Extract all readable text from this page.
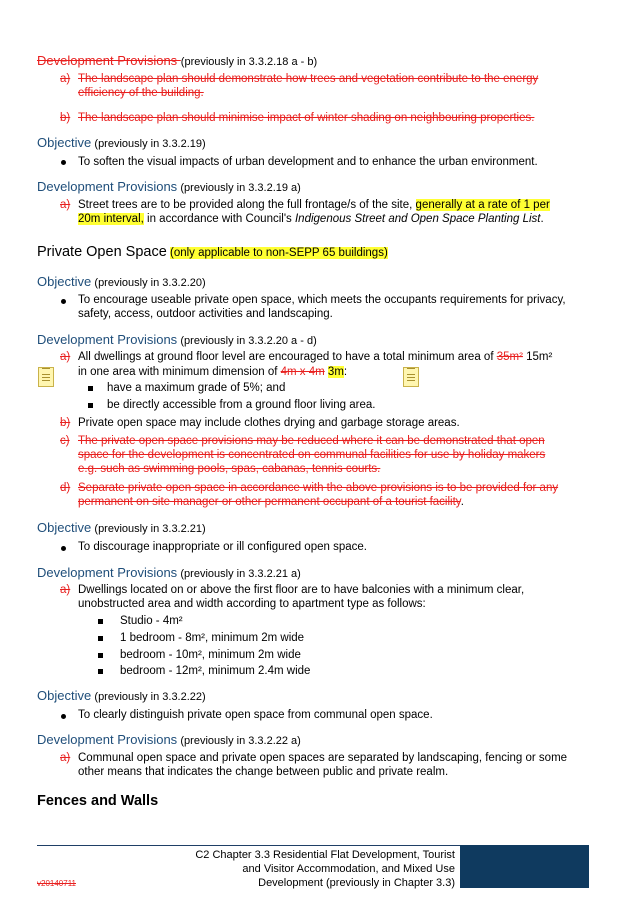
Development Provisions (previously in 3.3.2.18 a - b)
a) The landscape plan should demonstrate how trees and vegetation contribute to the energy
efficiency of the building.
b) The landscape plan should minimise impact of winter shading on neighbouring properties.
Objective (previously in 3.3.2.19)
To soften the visual impacts of urban development and to enhance the urban environment.
Development Provisions (previously in 3.3.2.19 a)
a) Street trees are to be provided along the full frontage/s of the site, generally at a rate of 1 per
20m interval, in accordance with Council's Indigenous Street and Open Space Planting List.
Private Open Space (only applicable to non-SEPP 65 buildings)
Objective (previously in 3.3.2.20)
To encourage useable private open space, which meets the occupants requirements for privacy,
safety, access, outdoor activities and landscaping.
Development Provisions (previously in 3.3.2.20 a - d)
a) All dwellings at ground floor level are encouraged to have a total minimum area of 35m² 15m²
in one area with minimum dimension of 4m x 4m 3m:
have a maximum grade of 5%; and
be directly accessible from a ground floor living area.
b) Private open space may include clothes drying and garbage storage areas.
c) The private open space provisions may be reduced where it can be demonstrated that open
space for the development is concentrated on communal facilities for use by holiday makers
e.g. such as swimming pools, spas, cabanas, tennis courts.
d) Separate private open space in accordance with the above provisions is to be provided for any
permanent on site manager or other permanent occupant of a tourist facility.
Objective (previously in 3.3.2.21)
To discourage inappropriate or ill configured open space.
Development Provisions (previously in 3.3.2.21 a)
a) Dwellings located on or above the first floor are to have balconies with a minimum clear,
unobstructed area and width according to apartment type as follows:
Studio - 4m²
1 bedroom - 8m², minimum 2m wide
bedroom - 10m², minimum 2m wide
bedroom - 12m², minimum 2.4m wide
Objective (previously in 3.3.2.22)
To clearly distinguish private open space from communal open space.
Development Provisions (previously in 3.3.2.22 a)
a) Communal open space and private open spaces are separated by landscaping, fencing or some
other means that indicates the change between public and private realm.
Fences and Walls
C2 Chapter 3.3 Residential Flat Development, Tourist
and Visitor Accommodation, and Mixed Use
Development (previously in Chapter 3.3)
v20140711
